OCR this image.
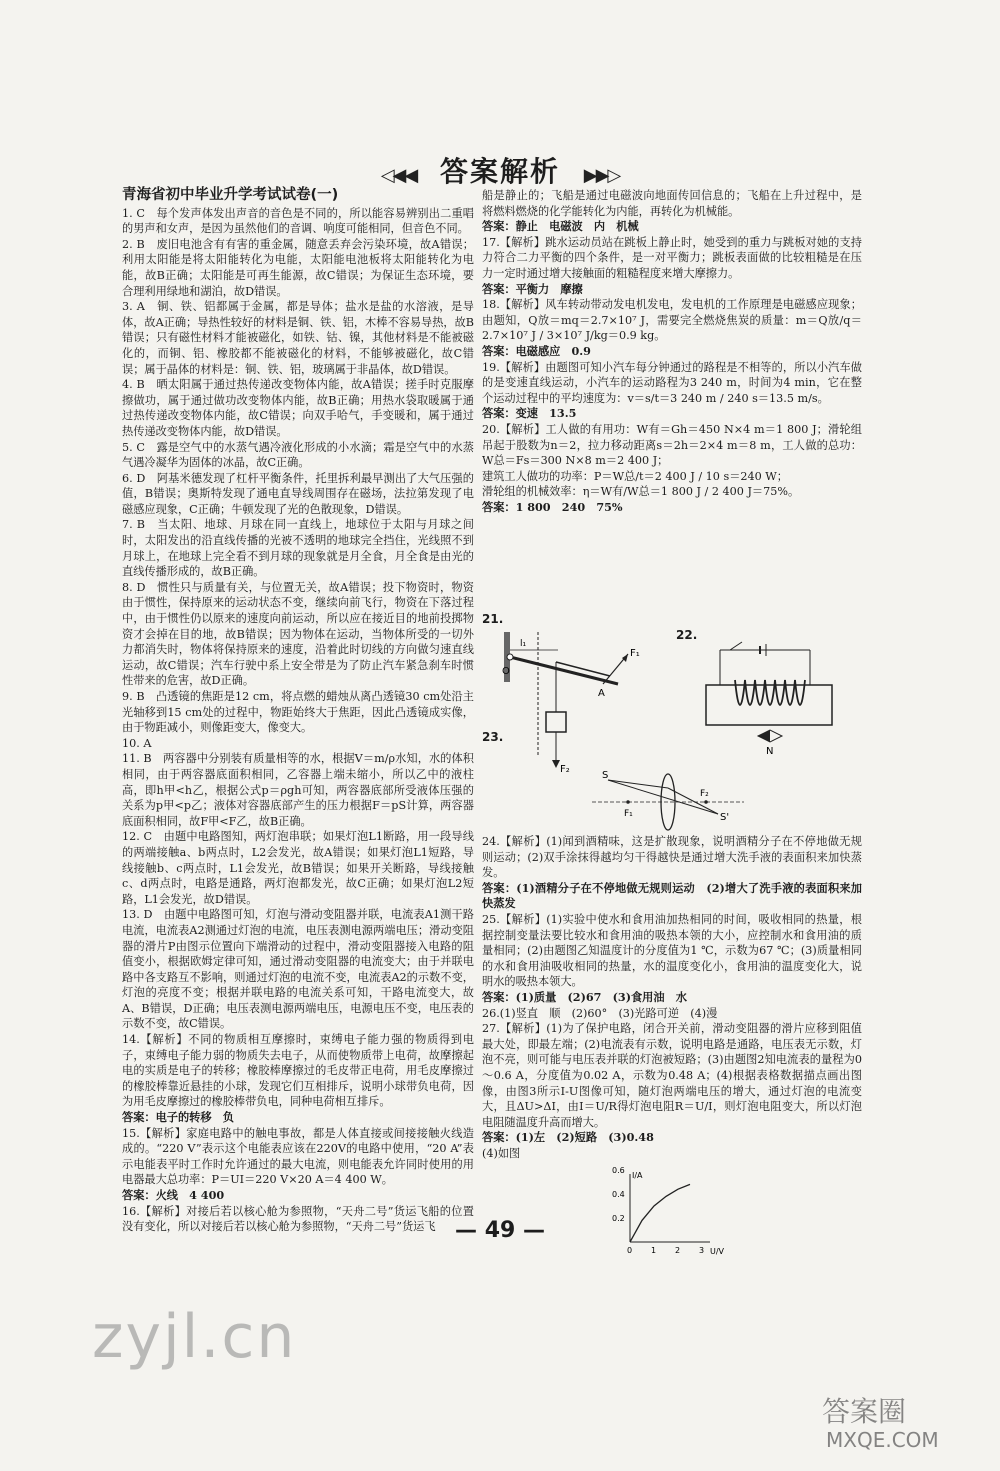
◁◀◀ 答案解析 ▶▶▷

青海省初中毕业升学考试试卷(一)

1. C　每个发声体发出声音的音色是不同的，所以能容易辨别出二重唱的男声和女声，是因为虽然他们的音调、响度可能相同，但音色不同。

2. B　废旧电池含有有害的重金属，随意丢弃会污染环境，故A错误；利用太阳能是将太阳能转化为电能，太阳能电池板将太阳能转化为电能，故B正确；太阳能是可再生能源，故C错误；为保证生态环境，要合理利用绿地和湖泊，故D错误。

3. A　铜、铁、铝都属于金属，都是导体；盐水是盐的水溶液，是导体，故A正确；导热性较好的材料是铜、铁、铝，木棒不容易导热，故B错误；只有磁性材料才能被磁化，如铁、钴、镍，其他材料是不能被磁化的，而铜、铝、橡胶都不能被磁化的材料，不能够被磁化，故C错误；属于晶体的材料是：铜、铁、铝，玻璃属于非晶体，故D错误。

4. B　晒太阳属于通过热传递改变物体内能，故A错误；搓手时克服摩擦做功，属于通过做功改变物体内能，故B正确；用热水袋取暖属于通过热传递改变物体内能，故C错误；向双手哈气，手变暖和，属于通过热传递改变物体内能，故D错误。

5. C　露是空气中的水蒸气遇冷液化形成的小水滴；霜是空气中的水蒸气遇冷凝华为固体的冰晶，故C正确。

6. D　阿基米德发现了杠杆平衡条件，托里拆利最早测出了大气压强的值，B错误；奥斯特发现了通电直导线周围存在磁场，法拉第发现了电磁感应现象，C正确；牛顿发现了光的色散现象，D错误。

7. B　当太阳、地球、月球在同一直线上，地球位于太阳与月球之间时，太阳发出的沿直线传播的光被不透明的地球完全挡住，光线照不到月球上，在地球上完全看不到月球的现象就是月全食，月全食是由光的直线传播形成的，故B正确。

8. D　惯性只与质量有关，与位置无关，故A错误；投下物资时，物资由于惯性，保持原来的运动状态不变，继续向前飞行，物资在下落过程中，由于惯性仍以原来的速度向前运动，所以应在接近目的地前投掷物资才会掉在目的地，故B错误；因为物体在运动，当物体所受的一切外力都消失时，物体将保持原来的速度，沿着此时切线的方向做匀速直线运动，故C错误；汽车行驶中系上安全带是为了防止汽车紧急刹车时惯性带来的危害，故D正确。

9. B　凸透镜的焦距是12 cm，将点燃的蜡烛从离凸透镜30 cm处沿主光轴移到15 cm处的过程中，物距始终大于焦距，因此凸透镜成实像，由于物距减小，则像距变大，像变大。

10. A

11. B　两容器中分别装有质量相等的水，根据V＝m/ρ水知，水的体积相同，由于两容器底面积相同，乙容器上端未缩小，所以乙中的液柱高，即h甲<h乙，根据公式p＝ρgh可知，两容器底部所受液体压强的关系为p甲<p乙；液体对容器底部产生的压力根据F＝pS计算，两容器底面积相同，故F甲<F乙，故B正确。

12. C　由题中电路图知，两灯泡串联；如果灯泡L1断路，用一段导线的两端接触a、b两点时，L2会发光，故A错误；如果灯泡L1短路，导线接触b、c两点时，L1会发光，故B错误；如果开关断路，导线接触c、d两点时，电路是通路，两灯泡都发光，故C正确；如果灯泡L2短路，L1会发光，故D错误。

13. D　由题中电路图可知，灯泡与滑动变阻器并联，电流表A1测干路电流，电流表A2测通过灯泡的电流，电压表测电源两端电压；滑动变阻器的滑片P由图示位置向下端滑动的过程中，滑动变阻器接入电路的阻值变小，根据欧姆定律可知，通过滑动变阻器的电流变大；由于并联电路中各支路互不影响，则通过灯泡的电流不变，电流表A2的示数不变，灯泡的亮度不变；根据并联电路的电流关系可知，干路电流变大，故A、B错误，D正确；电压表测电源两端电压，电源电压不变，电压表的示数不变，故C错误。

14.【解析】不同的物质相互摩擦时，束缚电子能力强的物质得到电子，束缚电子能力弱的物质失去电子，从而使物质带上电荷，故摩擦起电的实质是电子的转移；橡胶棒摩擦过的毛皮带正电荷，用毛皮摩擦过的橡胶棒靠近悬挂的小球，发现它们互相排斥，说明小球带负电荷，因为用毛皮摩擦过的橡胶棒带负电，同种电荷相互排斥。

答案：电子的转移　负

15.【解析】家庭电路中的触电事故，都是人体直接或间接接触火线造成的。“220 V”表示这个电能表应该在220V的电路中使用，“20 A”表示电能表平时工作时允许通过的最大电流，则电能表允许同时使用的用电器最大总功率：P＝UI＝220 V×20 A＝4 400 W。

答案：火线　4 400

16.【解析】对接后若以核心舱为参照物，“天舟二号”货运飞船的位置没有变化，所以对接后若以核心舱为参照物，“天舟二号”货运飞

船是静止的；飞船是通过电磁波向地面传回信息的；飞船在上升过程中，是将燃料燃烧的化学能转化为内能，再转化为机械能。

答案：静止　电磁波　内　机械

17.【解析】跳水运动员站在跳板上静止时，她受到的重力与跳板对她的支持力符合二力平衡的四个条件，是一对平衡力；跳板表面做的比较粗糙是在压力一定时通过增大接触面的粗糙程度来增大摩擦力。

答案：平衡力　摩擦

18.【解析】风车转动带动发电机发电，发电机的工作原理是电磁感应现象；由题知，Q放＝mq＝2.7×10⁷ J，需要完全燃烧焦炭的质量：m＝Q放/q＝2.7×10⁷ J / 3×10⁷ J/kg＝0.9 kg。

答案：电磁感应　0.9

19.【解析】由题图可知小汽车每分钟通过的路程是不相等的，所以小汽车做的是变速直线运动，小汽车的运动路程为3 240 m，时间为4 min，它在整个运动过程中的平均速度为：v＝s/t＝3 240 m / 240 s＝13.5 m/s。

答案：变速　13.5

20.【解析】工人做的有用功：W有＝Gh＝450 N×4 m＝1 800 J；滑轮组吊起于股数为n＝2，拉力移动距离s＝2h＝2×4 m＝8 m，工人做的总功：W总＝Fs＝300 N×8 m＝2 400 J；

建筑工人做功的功率：P＝W总/t＝2 400 J / 10 s＝240 W；

滑轮组的机械效率：η＝W有/W总＝1 800 J / 2 400 J＝75%。

答案：1 800　240　75%

21.
22.
23.
O
A
F₁
F₂
l₁
N
S
S'
F₁
F₂

24.【解析】(1)闻到酒精味，这是扩散现象，说明酒精分子在不停地做无规则运动；(2)双手涂抹得越均匀干得越快是通过增大洗手液的表面积来加快蒸发。

答案：(1)酒精分子在不停地做无规则运动　(2)增大了洗手液的表面积来加快蒸发

25.【解析】(1)实验中使水和食用油加热相同的时间，吸收相同的热量，根据控制变量法要比较水和食用油的吸热本领的大小，应控制水和食用油的质量相同；(2)由题图乙知温度计的分度值为1 ℃，示数为67 ℃；(3)质量相同的水和食用油吸收相同的热量，水的温度变化小，食用油的温度变化大，说明水的吸热本领大。

答案：(1)质量　(2)67　(3)食用油　水

26.(1)竖直　顺　(2)60°　(3)光路可逆　(4)漫

27.【解析】(1)为了保护电路，闭合开关前，滑动变阻器的滑片应移到阻值最大处，即最左端；(2)电流表有示数，说明电路是通路，电压表无示数，灯泡不亮，则可能与电压表并联的灯泡被短路；(3)由题图2知电流表的量程为0～0.6 A，分度值为0.02 A，示数为0.48 A；(4)根据表格数据描点画出图像，由图3所示I-U图像可知，随灯泡两端电压的增大，通过灯泡的电流变大，且ΔU>ΔI，由I＝U/R得灯泡电阻R＝U/I，则灯泡电阻变大，所以灯泡电阻随温度升高而增大。

答案：(1)左　(2)短路　(3)0.48

(4)如图

I/A
U/V
0 1 2 3
0.6
0.4
0.2
— 49 —
zyjl.cn
答案圈
MXQE.COM
